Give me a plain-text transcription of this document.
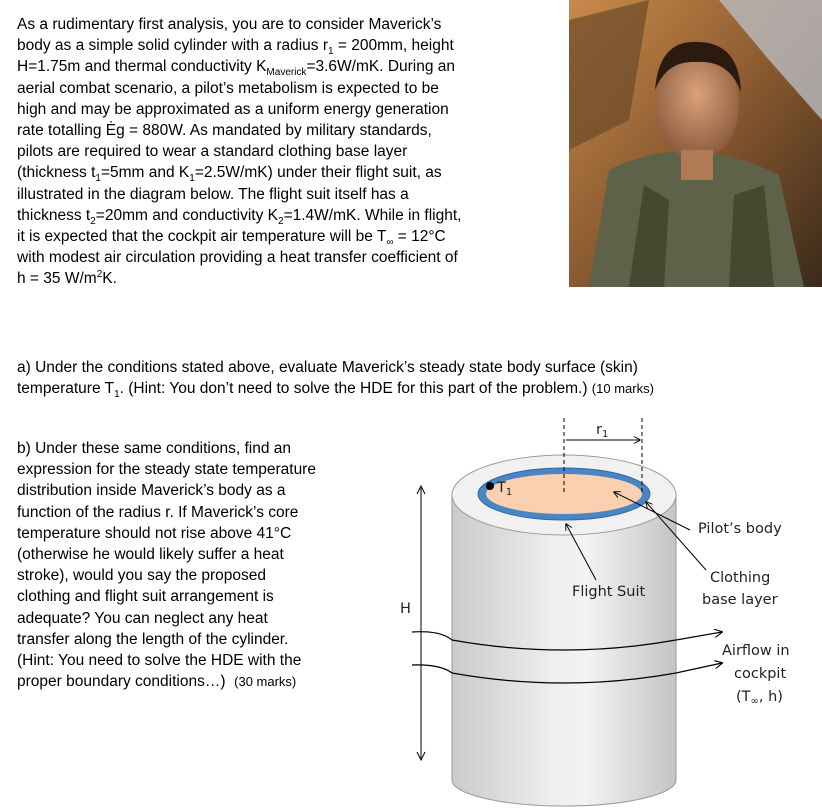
As a rudimentary first analysis, you are to consider Maverick’s
body as a simple solid cylinder with a radius $r_1 = 200mm$, height
H=1.75m and thermal conductivity $K_{Maverick}=3.6W/mK$. During an
aerial combat scenario, a pilot’s metabolism is expected to be
high and may be approximated as a uniform energy generation
rate totalling Ėg = 880W. As mandated by military standards,
pilots are required to wear a standard clothing base layer
(thickness $t_1=5mm$ and $K_1=2.5W/mK$) under their flight suit, as
illustrated in the diagram below. The flight suit itself has a
thickness $t_2=20mm$ and conductivity $K_2=1.4W/mK$. While in flight,
it is expected that the cockpit air temperature will be $T_\infty = 12^\circ C$
with modest air circulation providing a heat transfer coefficient of
h = 35 $W/m^2K$.
a) Under the conditions stated above, evaluate Maverick’s steady state body surface (skin)
temperature $T_1$. (Hint: You don’t need to solve the HDE for this part of the problem.) (10 marks)
b) Under these same conditions, find an
expression for the steady state temperature
distribution inside Maverick’s body as a
function of the radius r. If Maverick’s core
temperature should not rise above 41°C
(otherwise he would likely suffer a heat
stroke), would you say the proposed
clothing and flight suit arrangement is
adequate? You can neglect any heat
transfer along the length of the cylinder.
(Hint: You need to solve the HDE with the
proper boundary conditions…) (30 marks)
$r_1$
$T_1$
Pilot’s body
Flight Suit
Clothing
base layer
H
Airflow in
cockpit
($T_\infty$, h)
